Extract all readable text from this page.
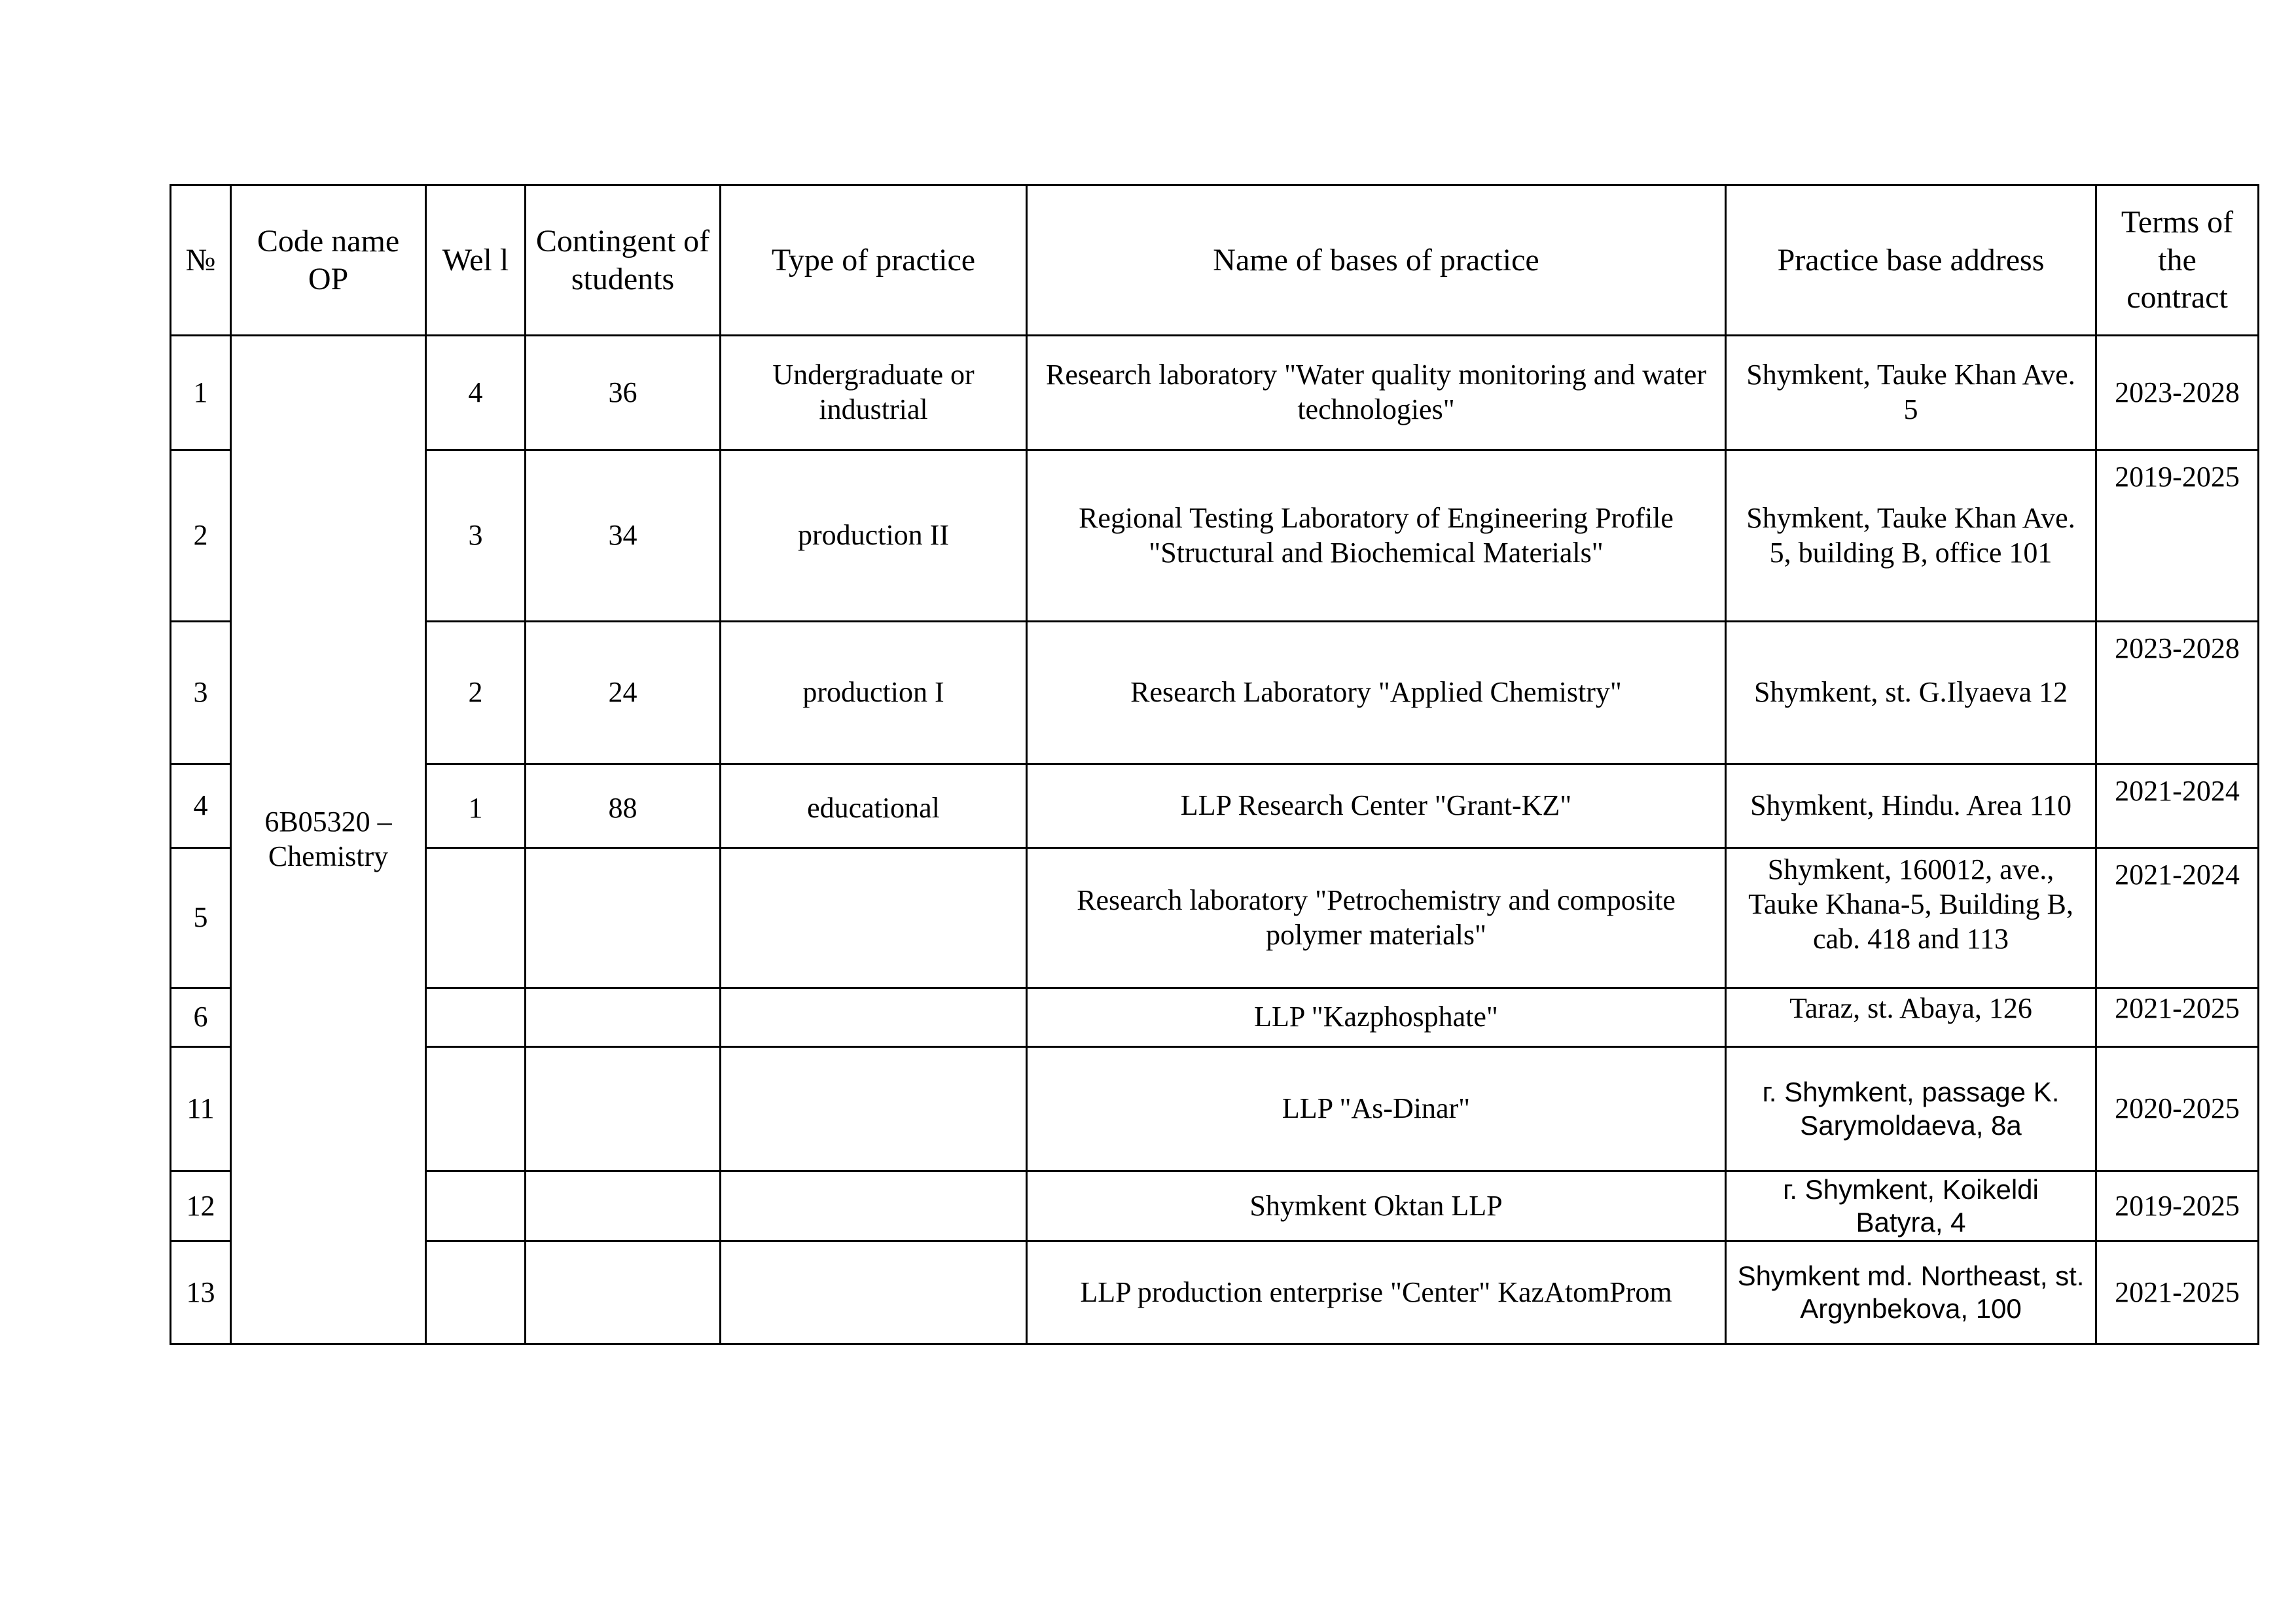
№	Code name OP	Wel l	Contingent of students	Type of practice	Name of bases of practice	Practice base address	Terms of the contract
1	6B05320 – Chemistry	4	36	Undergraduate or industrial	Research laboratory "Water quality monitoring and water technologies"	Shymkent, Tauke Khan Ave. 5	2023-2028
2		3	34	production II	Regional Testing Laboratory of Engineering Profile "Structural and Biochemical Materials"	Shymkent, Tauke Khan Ave. 5, building B, office 101	2019-2025
3		2	24	production I	Research Laboratory "Applied Chemistry"	Shymkent, st. G.Ilyaeva 12	2023-2028
4		1	88	educational	LLP Research Center "Grant-KZ"	Shymkent, Hindu. Area 110	2021-2024
5					Research laboratory "Petrochemistry and composite polymer materials"	Shymkent, 160012, ave., Tauke Khana-5, Building B, cab. 418 and 113	2021-2024
6					LLP "Kazphosphate"	Taraz, st. Abaya, 126	2021-2025
11					LLP "As-Dinar"	г. Shymkent, passage K. Sarymoldaeva, 8a	2020-2025
12					Shymkent Oktan LLP	г. Shymkent, Koikeldi Batyra, 4	2019-2025
13					LLP production enterprise "Center" KazAtomProm	Shymkent md. Northeast, st. Argynbekova, 100	2021-2025
